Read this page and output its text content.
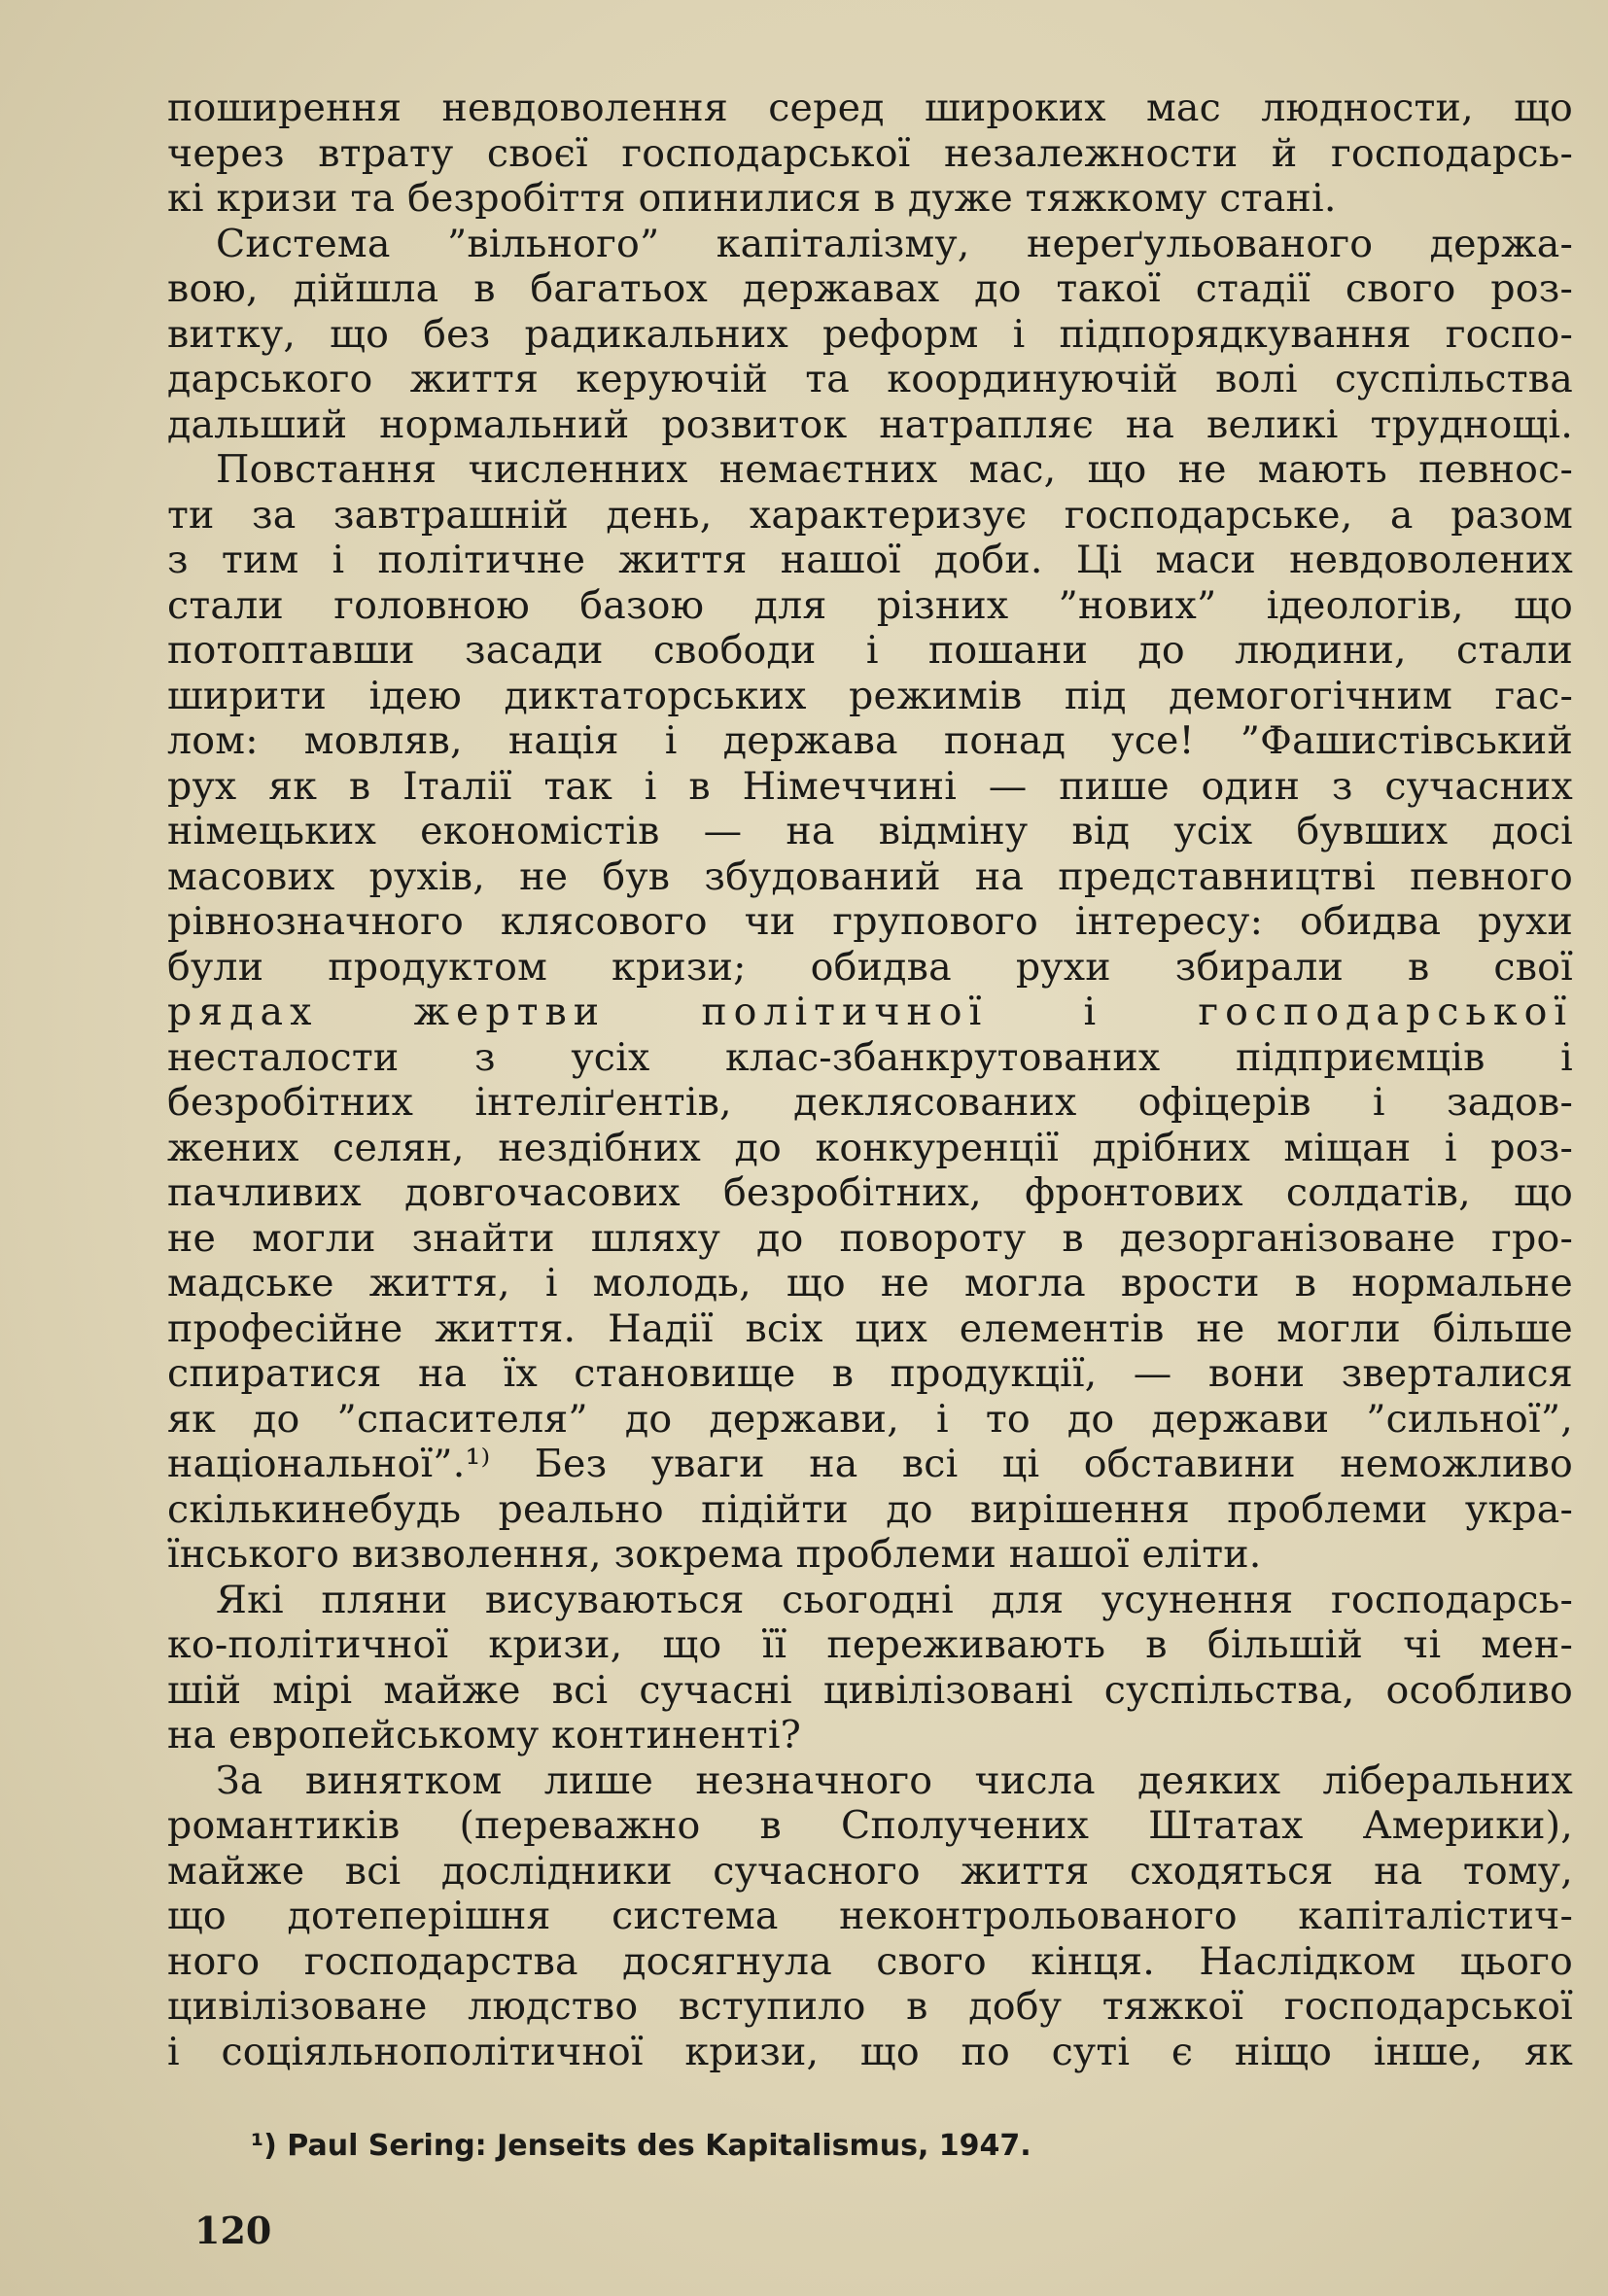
поширення невдоволення серед широких мас людности, що
через втрату своєї господарської незалежности й господарсь-
кі кризи та безробіття опинилися в дуже тяжкому стані.
Система ”вільного” капіталізму, нереґульованого держа-
вою, дійшла в багатьох державах до такої стадії свого роз-
витку, що без радикальних реформ і підпорядкування госпо-
дарського життя керуючій та координуючій волі суспільства
дальший нормальний розвиток натрапляє на великі труднощі.
Повстання численних немаєтних мас, що не мають певнос-
ти за завтрашній день, характеризує господарське, а разом
з тим і політичне життя нашої доби. Ці маси невдоволених
стали головною базою для різних ”нових” ідеологів, що
потоптавши засади свободи і пошани до людини, стали
ширити ідею диктаторських режимів під демогогічним гас-
лом: мовляв, нація і держава понад усе! ”Фашистівський
рух як в Італії так і в Німеччині — пише один з сучасних
німецьких економістів — на відміну від усіх бувших досі
масових рухів, не був збудований на представництві певного
рівнозначного клясового чи групового інтересу: обидва рухи
були продуктом кризи; обидва рухи збирали в свої
рядах жертви політичної і господарської
несталости з усіх клас-збанкрутованих підприємців і
безробітних інтеліґентів, деклясованих офіцерів і задов-
жених селян, нездібних до конкуренції дрібних міщан і роз-
пачливих довгочасових безробітних, фронтових солдатів, що
не могли знайти шляху до повороту в дезорганізоване гро-
мадське життя, і молодь, що не могла врости в нормальне
професійне життя. Надії всіх цих елементів не могли більше
спиратися на їх становище в продукції, — вони зверталися
як до ”спасителя” до держави, і то до держави ”сильної”,
національної”.¹⁾ Без уваги на всі ці обставини неможливо
скількинебудь реально підійти до вирішення проблеми укра-
їнського визволення, зокрема проблеми нашої еліти.
Які пляни висуваються сьогодні для усунення господарсь-
ко-політичної кризи, що її переживають в більшій чі мен-
шій мірі майже всі сучасні цивілізовані суспільства, особливо
на европейському континенті?
За винятком лише незначного числа деяких ліберальних
романтиків (переважно в Сполучених Штатах Америки),
майже всі дослідники сучасного життя сходяться на тому,
що дотеперішня система неконтрольованого капіталістич-
ного господарства досягнула свого кінця. Наслідком цього
цивілізоване людство вступило в добу тяжкої господарської
і соціяльнополітичної кризи, що по суті є ніщо інше, як
¹) Paul Sering: Jenseits des Kapitalismus, 1947.
120
